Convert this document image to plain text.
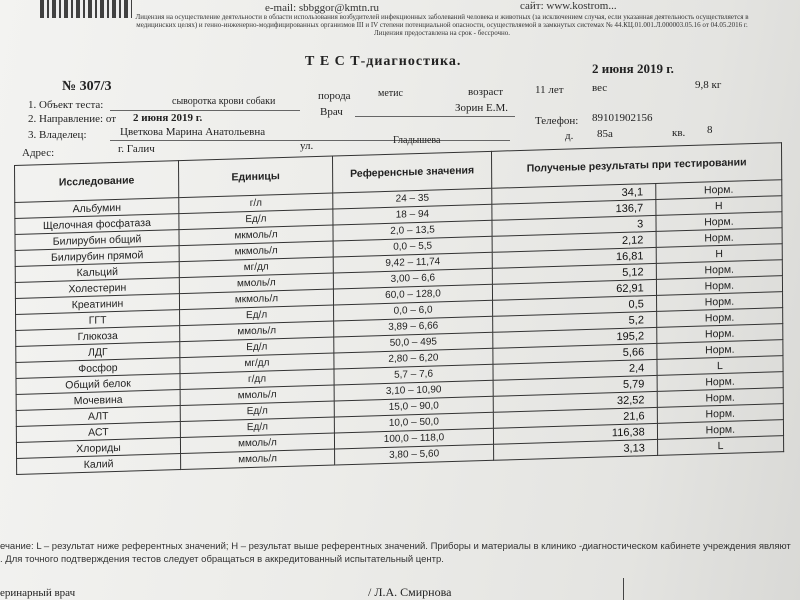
e-mail: sbbggor@kmtn.ru	сайт: www.kostrom...
Лицензия на осуществление деятельности в области использования возбудителей инфекционных заболеваний человека и животных (за исключением случая, если указанная деятельность осуществляется в медицинских целях) и генно-инженерно-модифицированных организмов III и IV степени потенциальной опасности, осуществляемой в замкнутых системах № 44.КЦ.01.001.Л.000003.05.16 от 04.05.2016 г. Лицензия предоставлена на срок - бессрочно.
Т Е С Т-диагностика.	2 июня 2019 г.
№ 307/3
1. Объект теста:	сыворотка крови собаки	порода	метис	возраст	11 лет	вес	9,8 кг
2. Направление: от 2 июня 2019 г.	Врач	Зорин Е.М.
3. Владелец:	Цветкова Марина Анатольевна
Телефон: 89101902156
Адрес:	г. Галич	ул.	Гладышева	д. 85а	кв. 8
Исследование	Единицы	Референсные значения	Полученые результаты при тестировании	
Альбумин	г/л	24 – 35	34,1	Норм.
Щелочная фосфатаза	Ед/л	18 – 94	136,7	Н
Билирубин общий	мкмоль/л	2,0 – 13,5	3	Норм.
Билирубин прямой	мкмоль/л	0,0 – 5,5	2,12	Норм.
Кальций	мг/дл	9,42 – 11,74	16,81	Н
Холестерин	ммоль/л	3,00 – 6,6	5,12	Норм.
Креатинин	мкмоль/л	60,0 – 128,0	62,91	Норм.
ГГТ	Ед/л	0,0 – 6,0	0,5	Норм.
Глюкоза	ммоль/л	3,89 – 6,66	5,2	Норм.
ЛДГ	Ед/л	50,0 – 495	195,2	Норм.
Фосфор	мг/дл	2,80 – 6,20	5,66	Норм.
Общий белок	г/дл	5,7 – 7,6	2,4	L
Мочевина	ммоль/л	3,10 – 10,90	5,79	Норм.
АЛТ	Ед/л	15,0 – 90,0	32,52	Норм.
АСТ	Ед/л	10,0 – 50,0	21,6	Норм.
Хлориды	ммоль/л	100,0 – 118,0	116,38	Норм.
Калий	ммоль/л	3,80 – 5,60	3,13	L
ечание: L – результат ниже референтных значений; Н – результат выше референтных значений. Приборы и материалы в клинико -диагностическом кабинете учреждения являют
. Для точного подтверждения тестов следует обращаться в аккредитованный испытательный центр.
еринарный врач	/ Л.А. Смирнова
